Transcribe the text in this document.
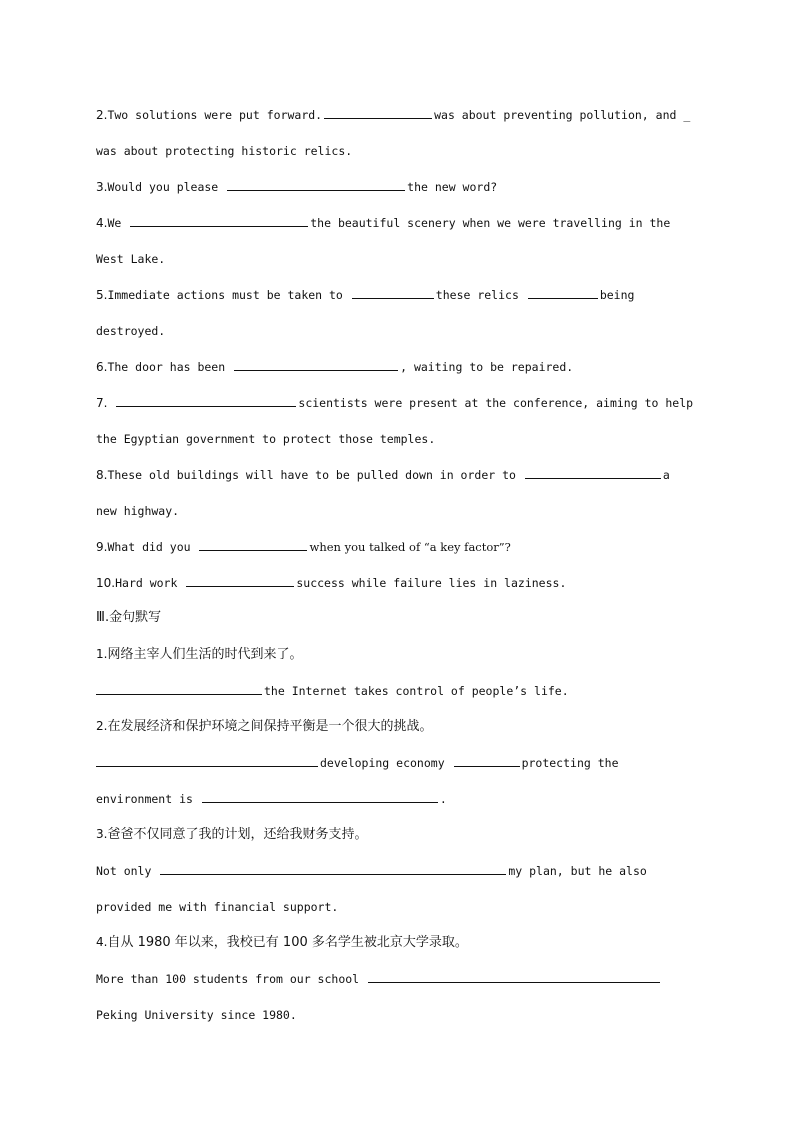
2.Two solutions were put forward.	was about preventing pollution, and _
was about protecting historic relics.
3.Would you please	the new word?
4.We	the beautiful scenery when we were travelling in the
West Lake.
5.Immediate actions must be taken to	these relics	being
destroyed.
6.The door has been	, waiting to be repaired.
7.	scientists were present at the conference, aiming to help
the Egyptian government to protect those temples.
8.These old buildings will have to be pulled down in order to	a
new highway.
9.What did you	when you talked of “a key factor”?
10.Hard work	success while failure lies in laziness.
Ⅲ.金句默写
1.网络主宰人们生活的时代到来了。
the Internet takes control of people’s life.
2.在发展经济和保护环境之间保持平衡是一个很大的挑战。
developing economy	protecting the
environment is	.
3.爸爸不仅同意了我的计划，还给我财务支持。
Not only	my plan, but he also
provided me with financial support.
4.自从 1980 年以来，我校已有 100 多名学生被北京大学录取。
More than 100 students from our school
Peking University since 1980.
